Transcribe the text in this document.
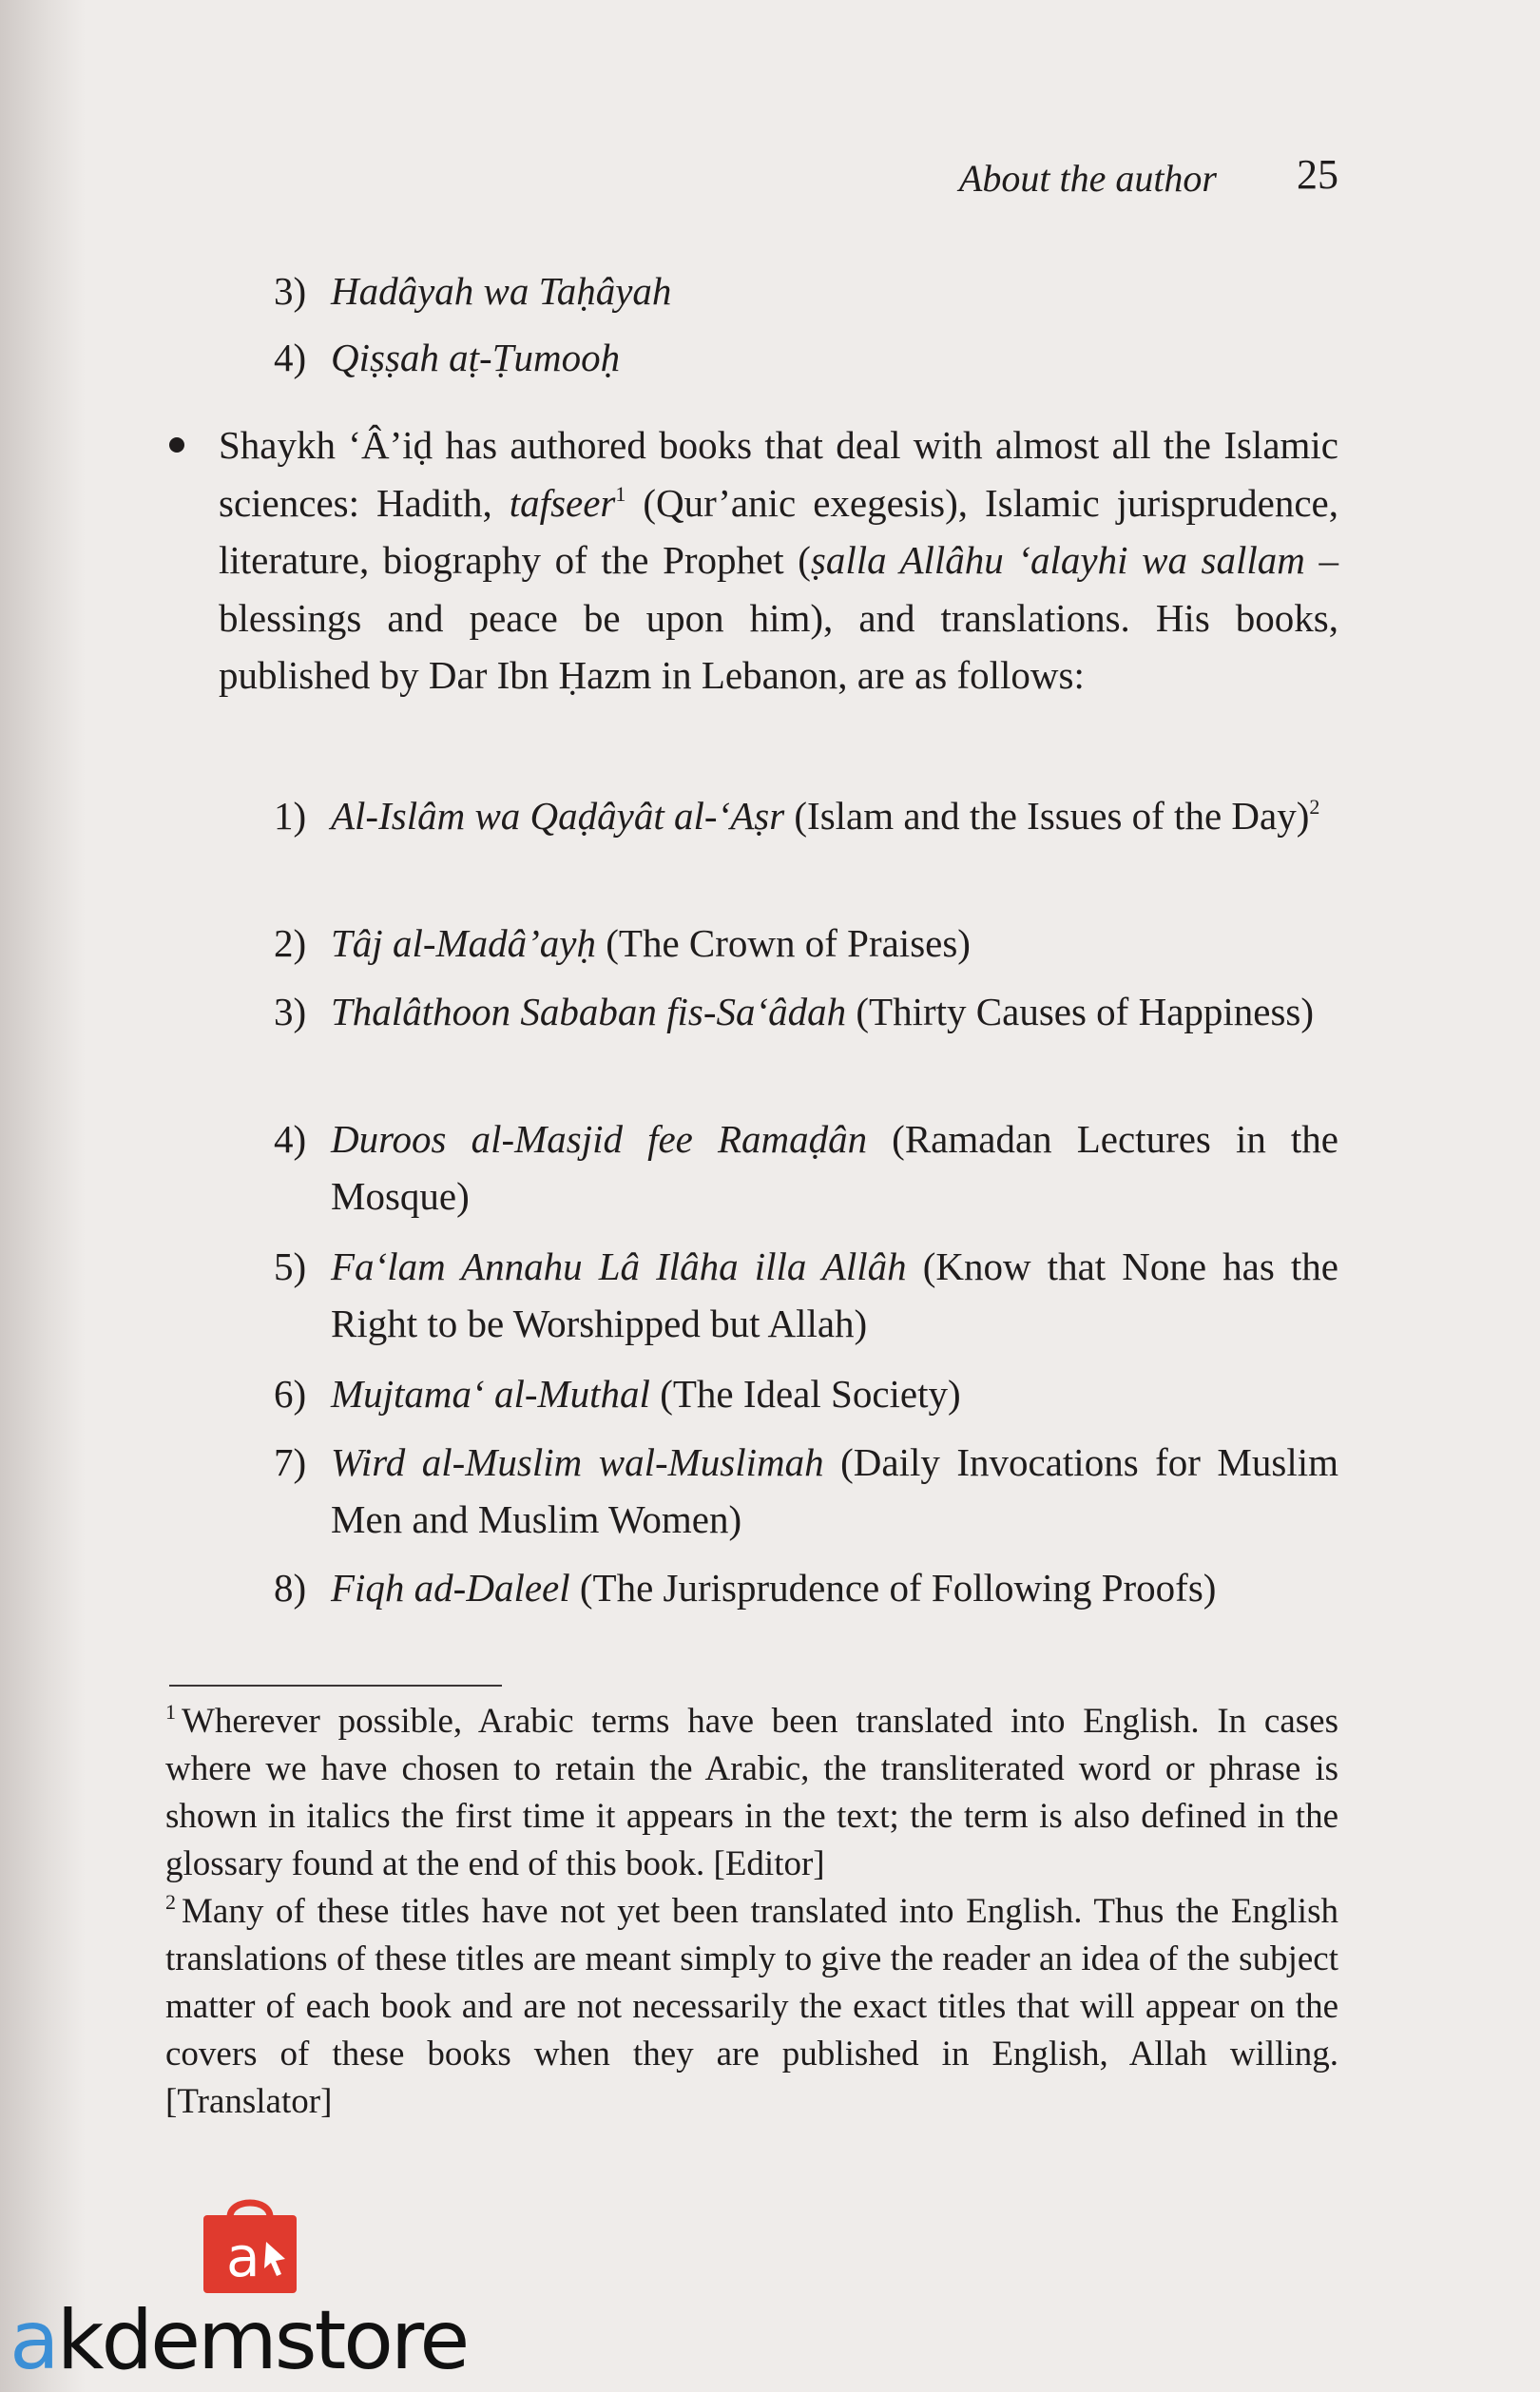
About the author 25
3) Hadâyah wa Taḥâyah
4) Qiṣṣah aṭ-Ṭumooḥ
Shaykh ‘Â’iḍ has authored books that deal with almost all the Islamic sciences: Hadith, tafseer$^1$ (Qur’anic exegesis), Islamic jurisprudence, literature, biography of the Prophet (ṣalla Allâhu ‘alayhi wa sallam – blessings and peace be upon him), and translations. His books, published by Dar Ibn Ḥazm in Lebanon, are as follows:
1) Al-Islâm wa Qaḍâyât al-‘Aṣr (Islam and the Issues of the Day)$^2$
2) Tâj al-Madâ’ayḥ (The Crown of Praises)
3) Thalâthoon Sababan fis-Sa‘âdah (Thirty Causes of Happiness)
4) Duroos al-Masjid fee Ramaḍân (Ramadan Lectures in the Mosque)
5) Fa‘lam Annahu Lâ Ilâha illa Allâh (Know that None has the Right to be Worshipped but Allah)
6) Mujtama‘ al-Muthal (The Ideal Society)
7) Wird al-Muslim wal-Muslimah (Daily Invocations for Muslim Men and Muslim Women)
8) Fiqh ad-Daleel (The Jurisprudence of Following Proofs)
$^1$ Wherever possible, Arabic terms have been translated into English. In cases where we have chosen to retain the Arabic, the transliterated word or phrase is shown in italics the first time it appears in the text; the term is also defined in the glossary found at the end of this book. [Editor]
$^2$ Many of these titles have not yet been translated into English. Thus the English translations of these titles are meant simply to give the reader an idea of the subject matter of each book and are not necessarily the exact titles that will appear on the covers of these books when they are published in English, Allah willing. [Translator]
a
akdemstore
